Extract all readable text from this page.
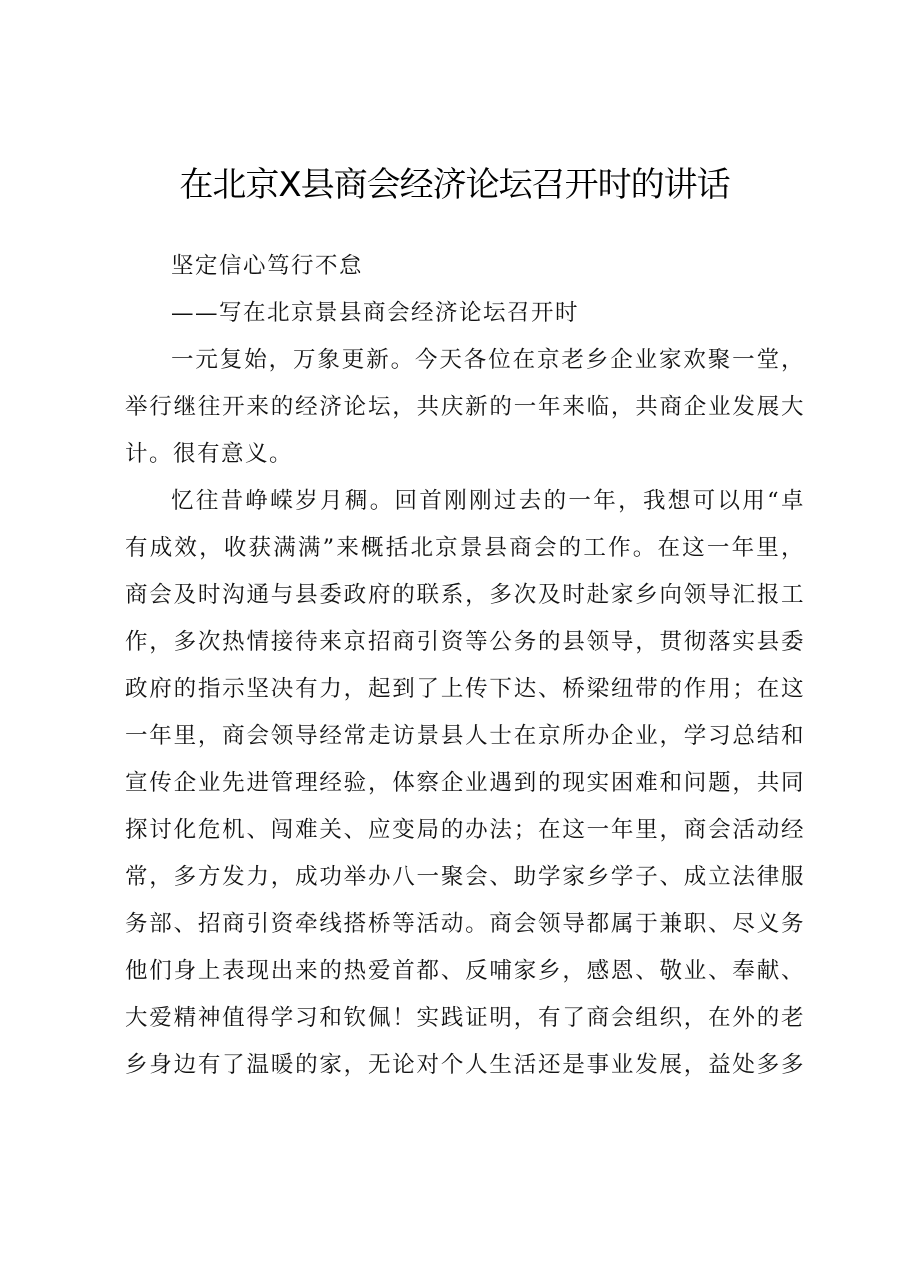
在北京X县商会经济论坛召开时的讲话

坚定信心笃行不怠

——写在北京景县商会经济论坛召开时

一元复始，万象更新。今天各位在京老乡企业家欢聚一堂，
举行继往开来的经济论坛，共庆新的一年来临，共商企业发展大
计。很有意义。

忆往昔峥嵘岁月稠。回首刚刚过去的一年，我想可以用“卓
有成效，收获满满”来概括北京景县商会的工作。在这一年里，
商会及时沟通与县委政府的联系，多次及时赴家乡向领导汇报工
作，多次热情接待来京招商引资等公务的县领导，贯彻落实县委
政府的指示坚决有力，起到了上传下达、桥梁纽带的作用；在这
一年里，商会领导经常走访景县人士在京所办企业，学习总结和
宣传企业先进管理经验，体察企业遇到的现实困难和问题，共同
探讨化危机、闯难关、应变局的办法；在这一年里，商会活动经
常，多方发力，成功举办八一聚会、助学家乡学子、成立法律服
务部、招商引资牵线搭桥等活动。商会领导都属于兼职、尽义务
他们身上表现出来的热爱首都、反哺家乡，感恩、敬业、奉献、
大爱精神值得学习和钦佩！实践证明，有了商会组织，在外的老
乡身边有了温暖的家，无论对个人生活还是事业发展，益处多多
